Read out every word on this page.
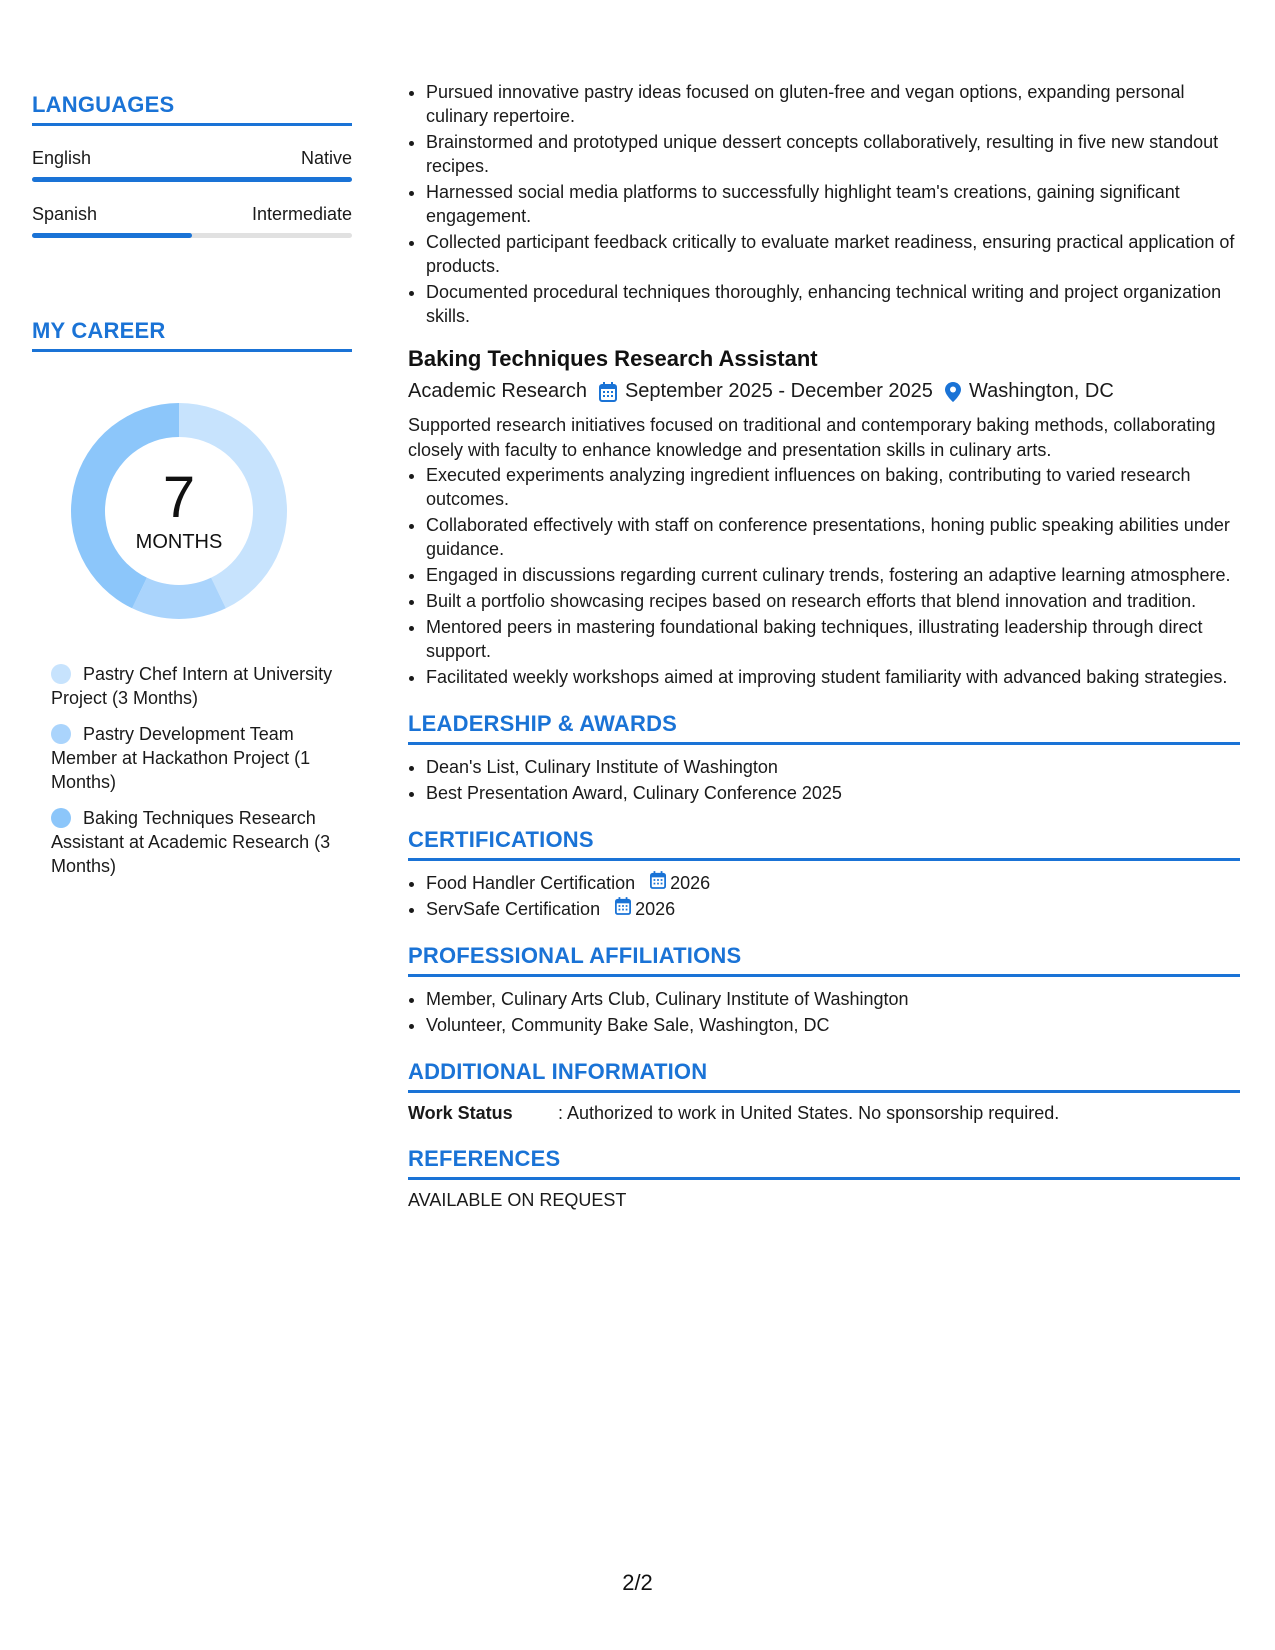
LANGUAGES
English	Native
Spanish	Intermediate
MY CAREER
7
MONTHS
Pastry Chef Intern at University Project (3 Months)
Pastry Development Team Member at Hackathon Project (1 Months)
Baking Techniques Research Assistant at Academic Research (3 Months)
• Pursued innovative pastry ideas focused on gluten-free and vegan options, expanding personal culinary repertoire.
• Brainstormed and prototyped unique dessert concepts collaboratively, resulting in five new standout recipes.
• Harnessed social media platforms to successfully highlight team's creations, gaining significant engagement.
• Collected participant feedback critically to evaluate market readiness, ensuring practical application of products.
• Documented procedural techniques thoroughly, enhancing technical writing and project organization skills.
Baking Techniques Research Assistant
Academic Research September 2025 - December 2025 Washington, DC
Supported research initiatives focused on traditional and contemporary baking methods, collaborating closely with faculty to enhance knowledge and presentation skills in culinary arts.
• Executed experiments analyzing ingredient influences on baking, contributing to varied research outcomes.
• Collaborated effectively with staff on conference presentations, honing public speaking abilities under guidance.
• Engaged in discussions regarding current culinary trends, fostering an adaptive learning atmosphere.
• Built a portfolio showcasing recipes based on research efforts that blend innovation and tradition.
• Mentored peers in mastering foundational baking techniques, illustrating leadership through direct support.
• Facilitated weekly workshops aimed at improving student familiarity with advanced baking strategies.
LEADERSHIP & AWARDS
• Dean's List, Culinary Institute of Washington
• Best Presentation Award, Culinary Conference 2025
CERTIFICATIONS
• Food Handler Certification 2026
• ServSafe Certification 2026
PROFESSIONAL AFFILIATIONS
• Member, Culinary Arts Club, Culinary Institute of Washington
• Volunteer, Community Bake Sale, Washington, DC
ADDITIONAL INFORMATION
Work Status	: Authorized to work in United States. No sponsorship required.
REFERENCES
AVAILABLE ON REQUEST
2/2
